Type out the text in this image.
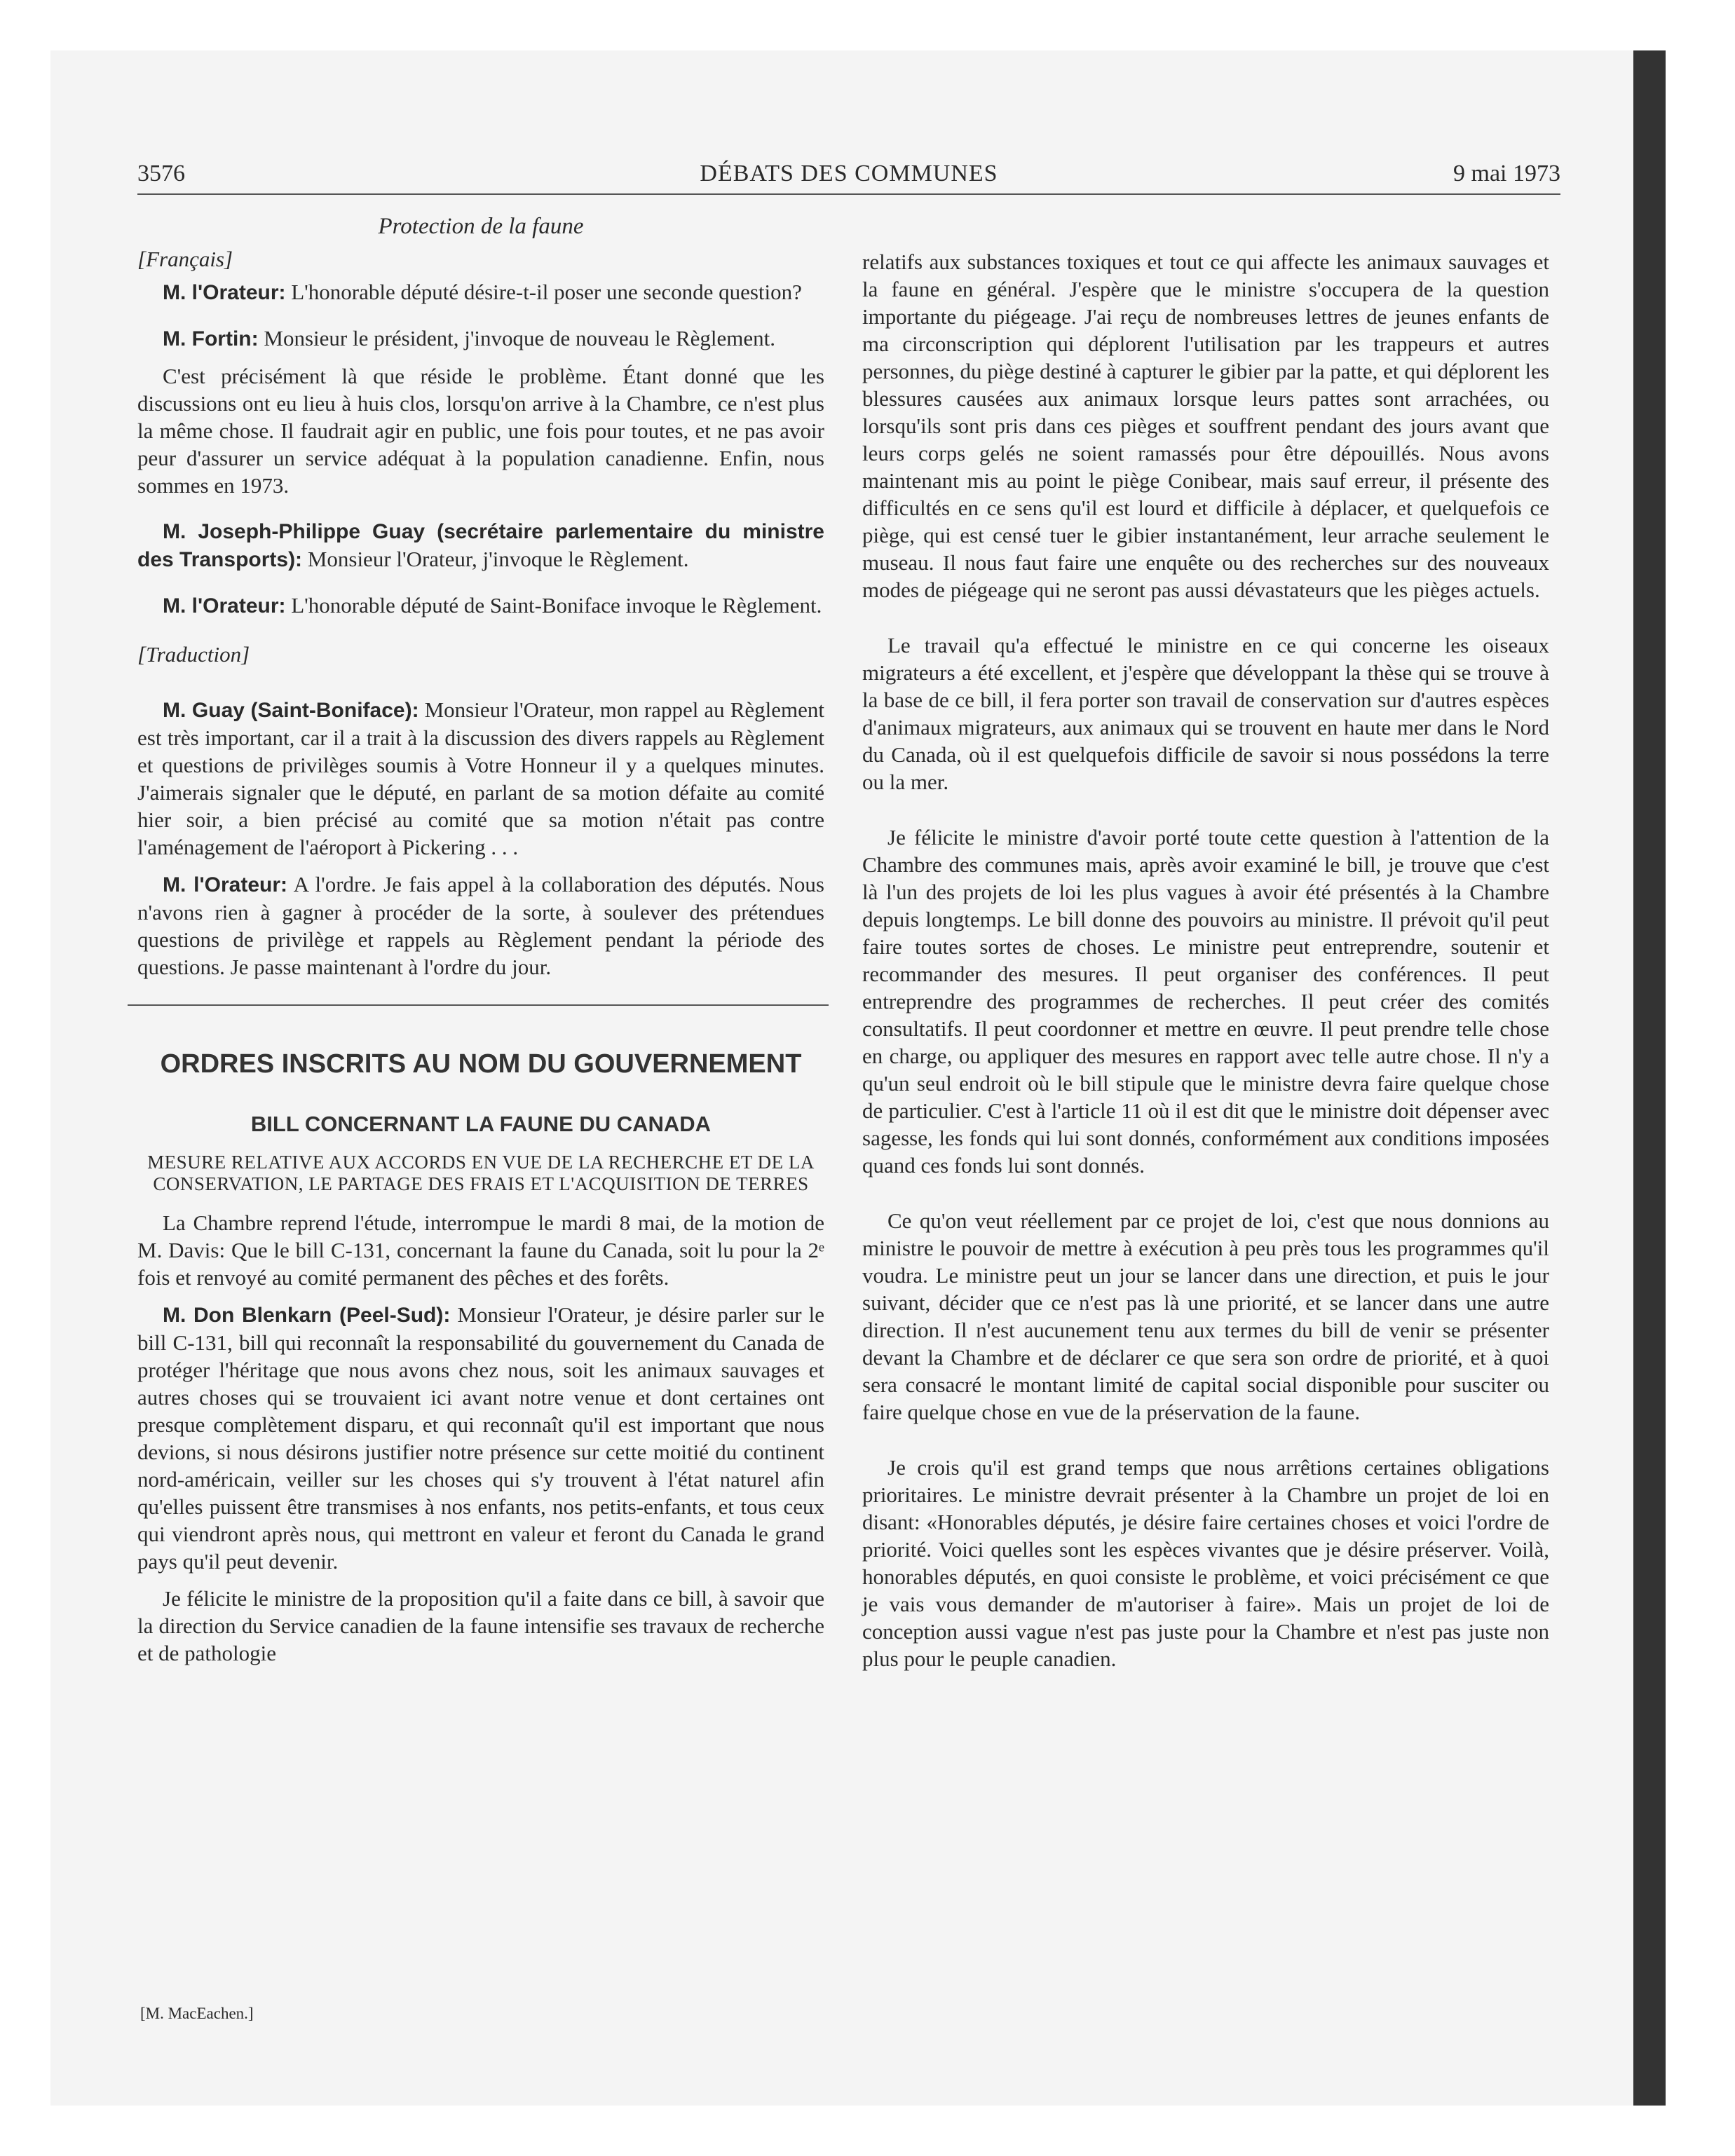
3576	DÉBATS DES COMMUNES	9 mai 1973
Protection de la faune
[Français]

M. l'Orateur: L'honorable député désire-t-il poser une seconde question?

M. Fortin: Monsieur le président, j'invoque de nouveau le Règlement.

C'est précisément là que réside le problème. Étant donné que les discussions ont eu lieu à huis clos, lorsqu'on arrive à la Chambre, ce n'est plus la même chose. Il faudrait agir en public, une fois pour toutes, et ne pas avoir peur d'assurer un service adéquat à la population canadienne. Enfin, nous sommes en 1973.

M. Joseph-Philippe Guay (secrétaire parlementaire du ministre des Transports): Monsieur l'Orateur, j'invoque le Règlement.

M. l'Orateur: L'honorable député de Saint-Boniface invoque le Règlement.

[Traduction]

M. Guay (Saint-Boniface): Monsieur l'Orateur, mon rappel au Règlement est très important, car il a trait à la discussion des divers rappels au Règlement et questions de privilèges soumis à Votre Honneur il y a quelques minutes. J'aimerais signaler que le député, en parlant de sa motion défaite au comité hier soir, a bien précisé au comité que sa motion n'était pas contre l'aménagement de l'aéroport à Pickering . . .

M. l'Orateur: A l'ordre. Je fais appel à la collaboration des députés. Nous n'avons rien à gagner à procéder de la sorte, à soulever des prétendues questions de privilège et rappels au Règlement pendant la période des questions. Je passe maintenant à l'ordre du jour.

ORDRES INSCRITS AU NOM DU GOUVERNEMENT
BILL CONCERNANT LA FAUNE DU CANADA
MESURE RELATIVE AUX ACCORDS EN VUE DE LA RECHERCHE ET DE LA CONSERVATION, LE PARTAGE DES FRAIS ET L'ACQUISITION DE TERRES

La Chambre reprend l'étude, interrompue le mardi 8 mai, de la motion de M. Davis: Que le bill C-131, concernant la faune du Canada, soit lu pour la 2ᵉ fois et renvoyé au comité permanent des pêches et des forêts.

M. Don Blenkarn (Peel-Sud): Monsieur l'Orateur, je désire parler sur le bill C-131, bill qui reconnaît la responsabilité du gouvernement du Canada de protéger l'héritage que nous avons chez nous, soit les animaux sauvages et autres choses qui se trouvaient ici avant notre venue et dont certaines ont presque complètement disparu, et qui reconnaît qu'il est important que nous devions, si nous désirons justifier notre présence sur cette moitié du continent nord-américain, veiller sur les choses qui s'y trouvent à l'état naturel afin qu'elles puissent être transmises à nos enfants, nos petits-enfants, et tous ceux qui viendront après nous, qui mettront en valeur et feront du Canada le grand pays qu'il peut devenir.

Je félicite le ministre de la proposition qu'il a faite dans ce bill, à savoir que la direction du Service canadien de la faune intensifie ses travaux de recherche et de pathologie

[M. MacEachen.]

relatifs aux substances toxiques et tout ce qui affecte les animaux sauvages et la faune en général. J'espère que le ministre s'occupera de la question importante du piégeage. J'ai reçu de nombreuses lettres de jeunes enfants de ma circonscription qui déplorent l'utilisation par les trappeurs et autres personnes, du piège destiné à capturer le gibier par la patte, et qui déplorent les blessures causées aux animaux lorsque leurs pattes sont arrachées, ou lorsqu'ils sont pris dans ces pièges et souffrent pendant des jours avant que leurs corps gelés ne soient ramassés pour être dépouillés. Nous avons maintenant mis au point le piège Conibear, mais sauf erreur, il présente des difficultés en ce sens qu'il est lourd et difficile à déplacer, et quelquefois ce piège, qui est censé tuer le gibier instantanément, leur arrache seulement le museau. Il nous faut faire une enquête ou des recherches sur des nouveaux modes de piégeage qui ne seront pas aussi dévastateurs que les pièges actuels.

Le travail qu'a effectué le ministre en ce qui concerne les oiseaux migrateurs a été excellent, et j'espère que développant la thèse qui se trouve à la base de ce bill, il fera porter son travail de conservation sur d'autres espèces d'animaux migrateurs, aux animaux qui se trouvent en haute mer dans le Nord du Canada, où il est quelquefois difficile de savoir si nous possédons la terre ou la mer.

Je félicite le ministre d'avoir porté toute cette question à l'attention de la Chambre des communes mais, après avoir examiné le bill, je trouve que c'est là l'un des projets de loi les plus vagues à avoir été présentés à la Chambre depuis longtemps. Le bill donne des pouvoirs au ministre. Il prévoit qu'il peut faire toutes sortes de choses. Le ministre peut entreprendre, soutenir et recommander des mesures. Il peut organiser des conférences. Il peut entreprendre des programmes de recherches. Il peut créer des comités consultatifs. Il peut coordonner et mettre en œuvre. Il peut prendre telle chose en charge, ou appliquer des mesures en rapport avec telle autre chose. Il n'y a qu'un seul endroit où le bill stipule que le ministre devra faire quelque chose de particulier. C'est à l'article 11 où il est dit que le ministre doit dépenser avec sagesse, les fonds qui lui sont donnés, conformément aux conditions imposées quand ces fonds lui sont donnés.

Ce qu'on veut réellement par ce projet de loi, c'est que nous donnions au ministre le pouvoir de mettre à exécution à peu près tous les programmes qu'il voudra. Le ministre peut un jour se lancer dans une direction, et puis le jour suivant, décider que ce n'est pas là une priorité, et se lancer dans une autre direction. Il n'est aucunement tenu aux termes du bill de venir se présenter devant la Chambre et de déclarer ce que sera son ordre de priorité, et à quoi sera consacré le montant limité de capital social disponible pour susciter ou faire quelque chose en vue de la préservation de la faune.

Je crois qu'il est grand temps que nous arrêtions certaines obligations prioritaires. Le ministre devrait présenter à la Chambre un projet de loi en disant: «Honorables députés, je désire faire certaines choses et voici l'ordre de priorité. Voici quelles sont les espèces vivantes que je désire préserver. Voilà, honorables députés, en quoi consiste le problème, et voici précisément ce que je vais vous demander de m'autoriser à faire». Mais un projet de loi de conception aussi vague n'est pas juste pour la Chambre et n'est pas juste non plus pour le peuple canadien.
